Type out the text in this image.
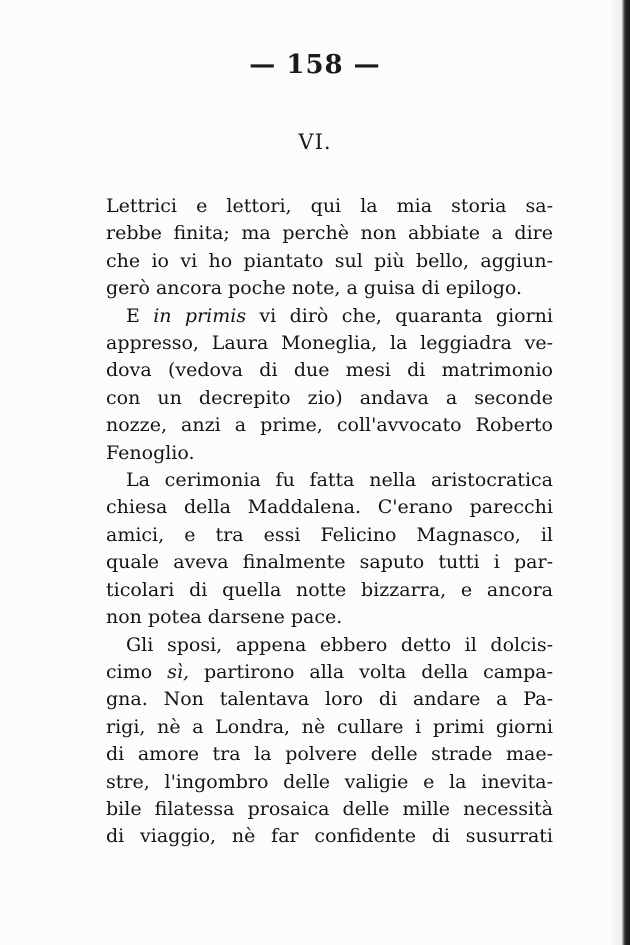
— 158 —
VI.
Lettrici e lettori, qui la mia storia sa-
rebbe finita; ma perchè non abbiate a dire
che io vi ho piantato sul più bello, aggiun-
gerò ancora poche note, a guisa di epilogo.
E in primis vi dirò che, quaranta giorni
appresso, Laura Moneglia, la leggiadra ve-
dova (vedova di due mesi di matrimonio
con un decrepito zio) andava a seconde
nozze, anzi a prime, coll'avvocato Roberto
Fenoglio.
La cerimonia fu fatta nella aristocratica
chiesa della Maddalena. C'erano parecchi
amici, e tra essi Felicino Magnasco, il
quale aveva finalmente saputo tutti i par-
ticolari di quella notte bizzarra, e ancora
non potea darsene pace.
Gli sposi, appena ebbero detto il dolcis-
cimo sì, partirono alla volta della campa-
gna. Non talentava loro di andare a Pa-
rigi, nè a Londra, nè cullare i primi giorni
di amore tra la polvere delle strade mae-
stre, l'ingombro delle valigie e la inevita-
bile filatessa prosaica delle mille necessità
di viaggio, nè far confidente di susurrati
